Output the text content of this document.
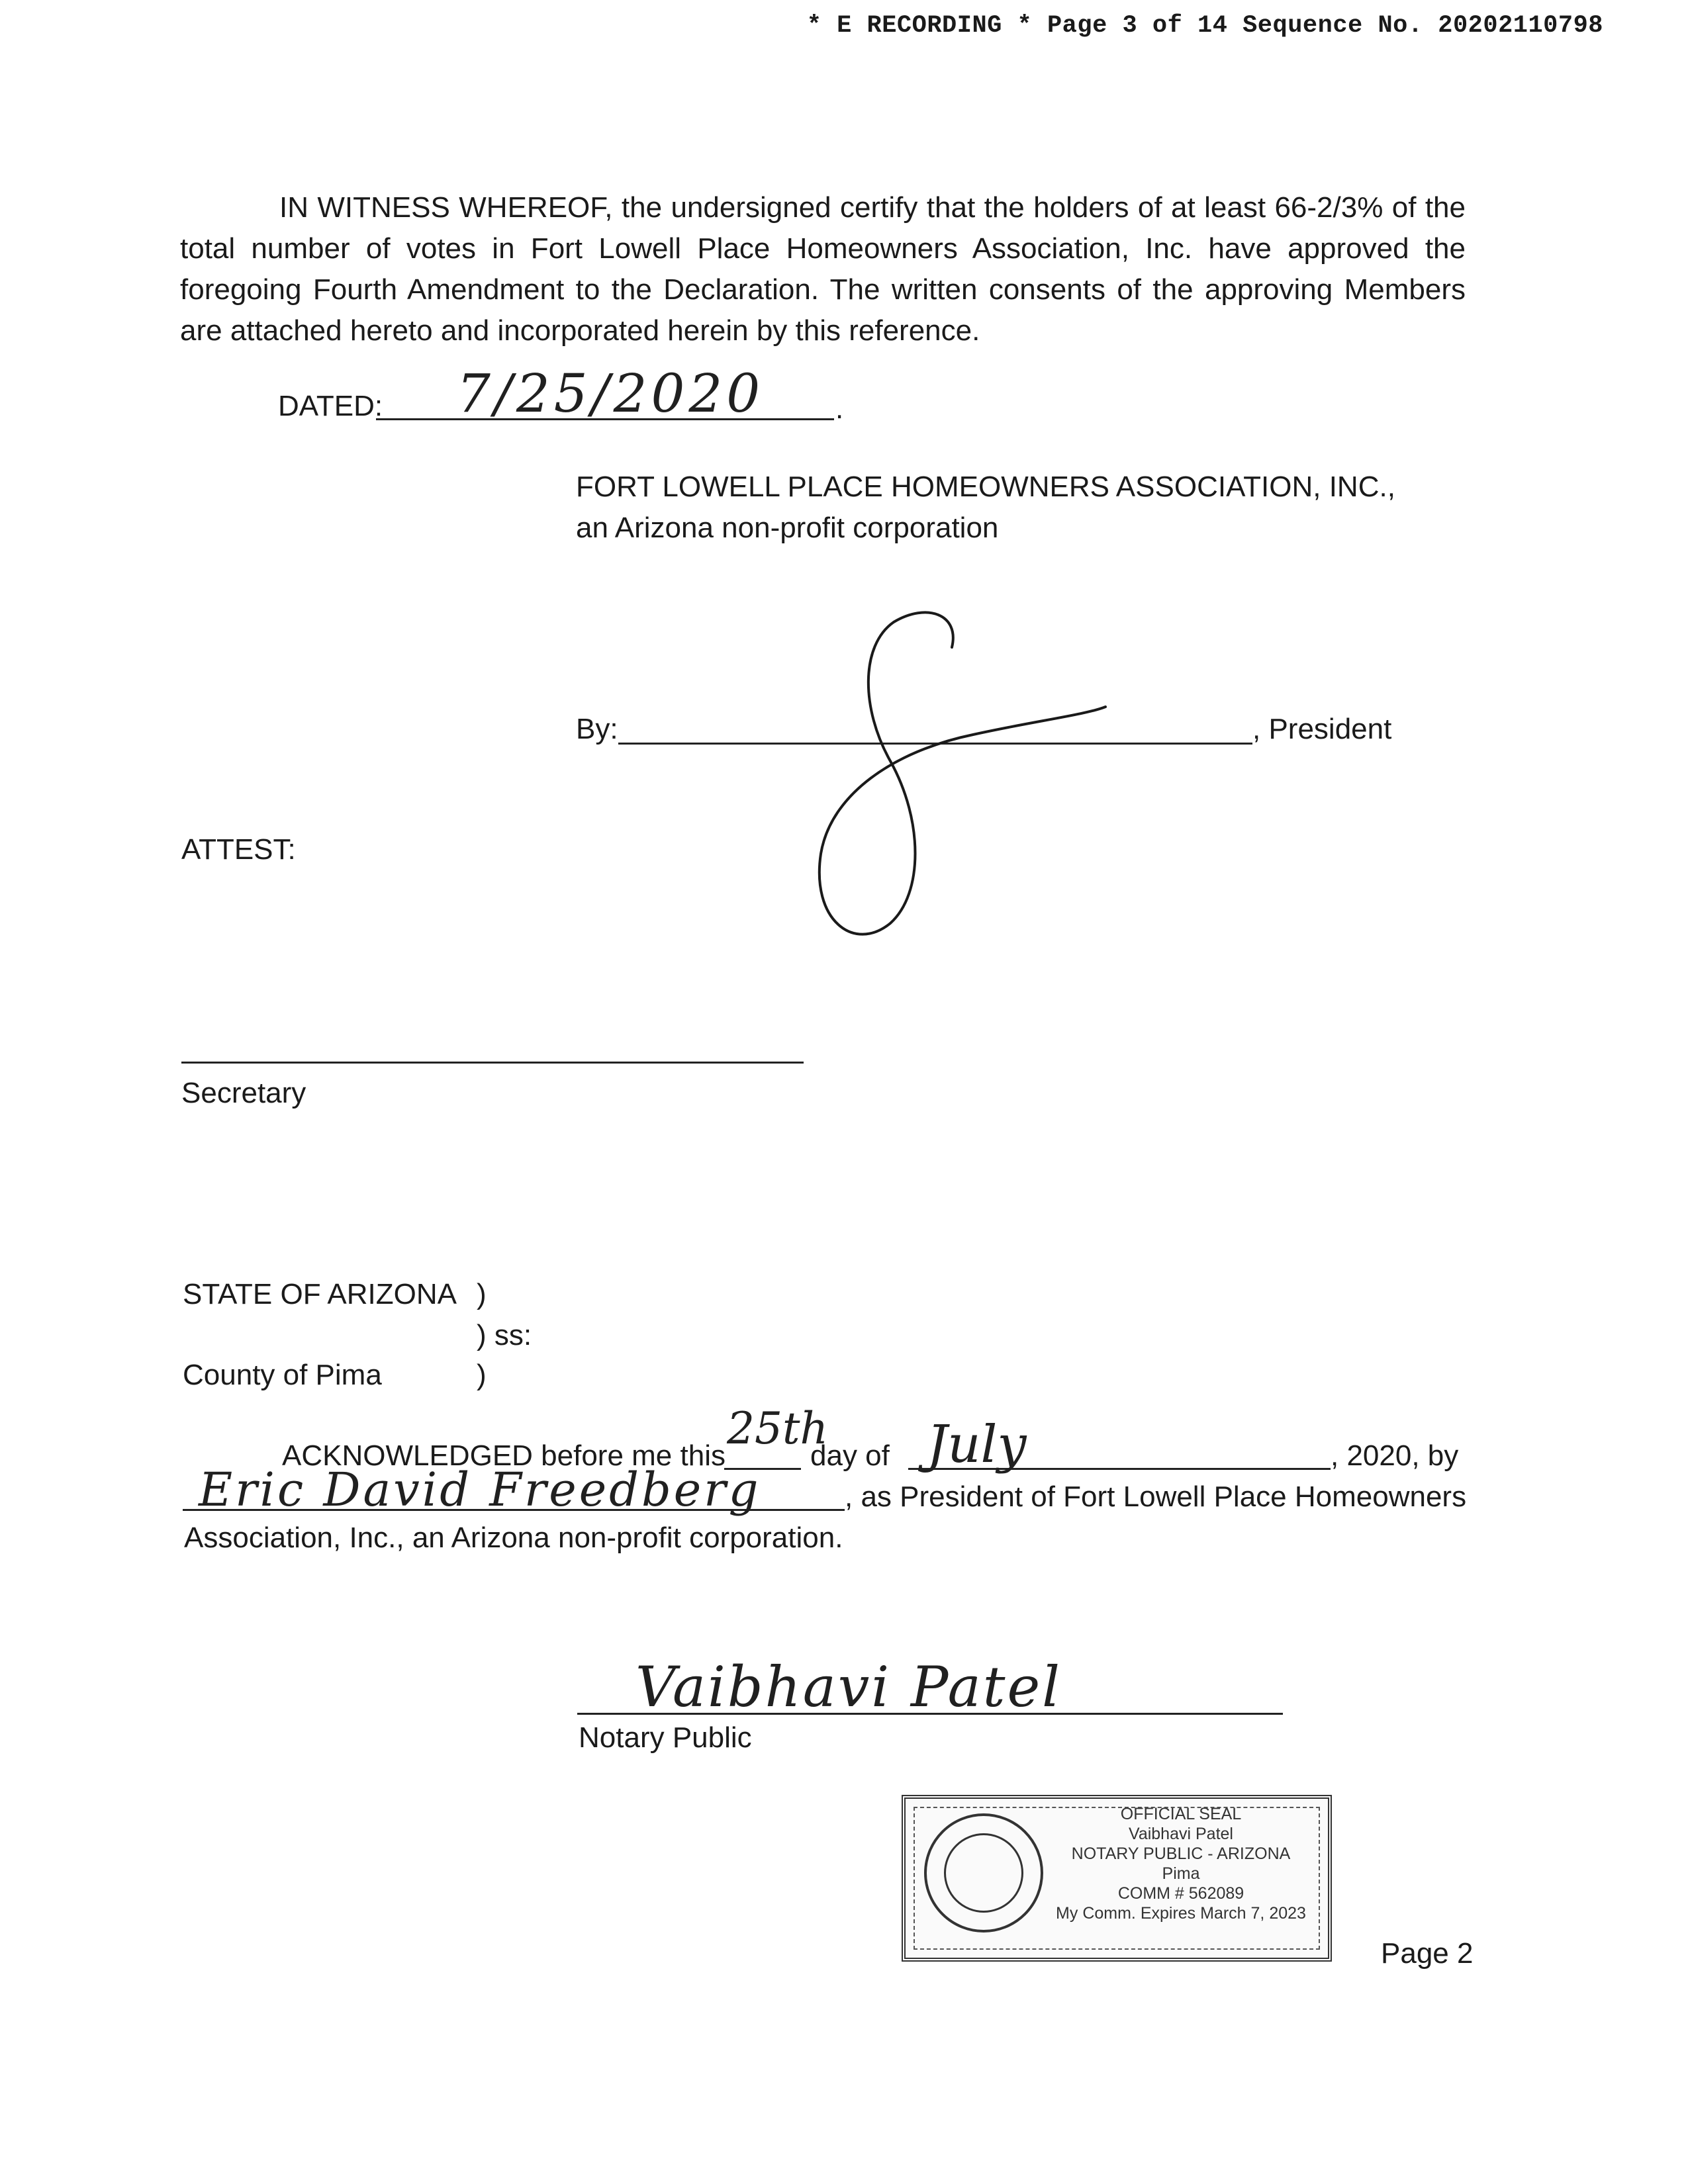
* E RECORDING * Page 3 of 14 Sequence No. 20202110798
IN WITNESS WHEREOF, the undersigned certify that the holders of at least 66-2/3% of the total number of votes in Fort Lowell Place Homeowners Association, Inc. have approved the foregoing Fourth Amendment to the Declaration. The written consents of the approving Members are attached hereto and incorporated herein by this reference.
DATED:	.
7/25/2020
FORT LOWELL PLACE HOMEOWNERS ASSOCIATION, INC.,
an Arizona non-profit corporation
By:	, President
ATTEST:
Secretary
STATE OF ARIZONA )
) ss:
County of Pima	)
ACKNOWLEDGED before me this
25th
day of July	, 2020, by
Eric David Freedberg	, as President of Fort Lowell Place Homeowners
Association, Inc., an Arizona non-profit corporation.
Vaibhavi Patel
Notary Public
OFFICIAL SEAL
Vaibhavi Patel
NOTARY PUBLIC - ARIZONA
Pima
COMM # 562089
My Comm. Expires March 7, 2023
Page 2
